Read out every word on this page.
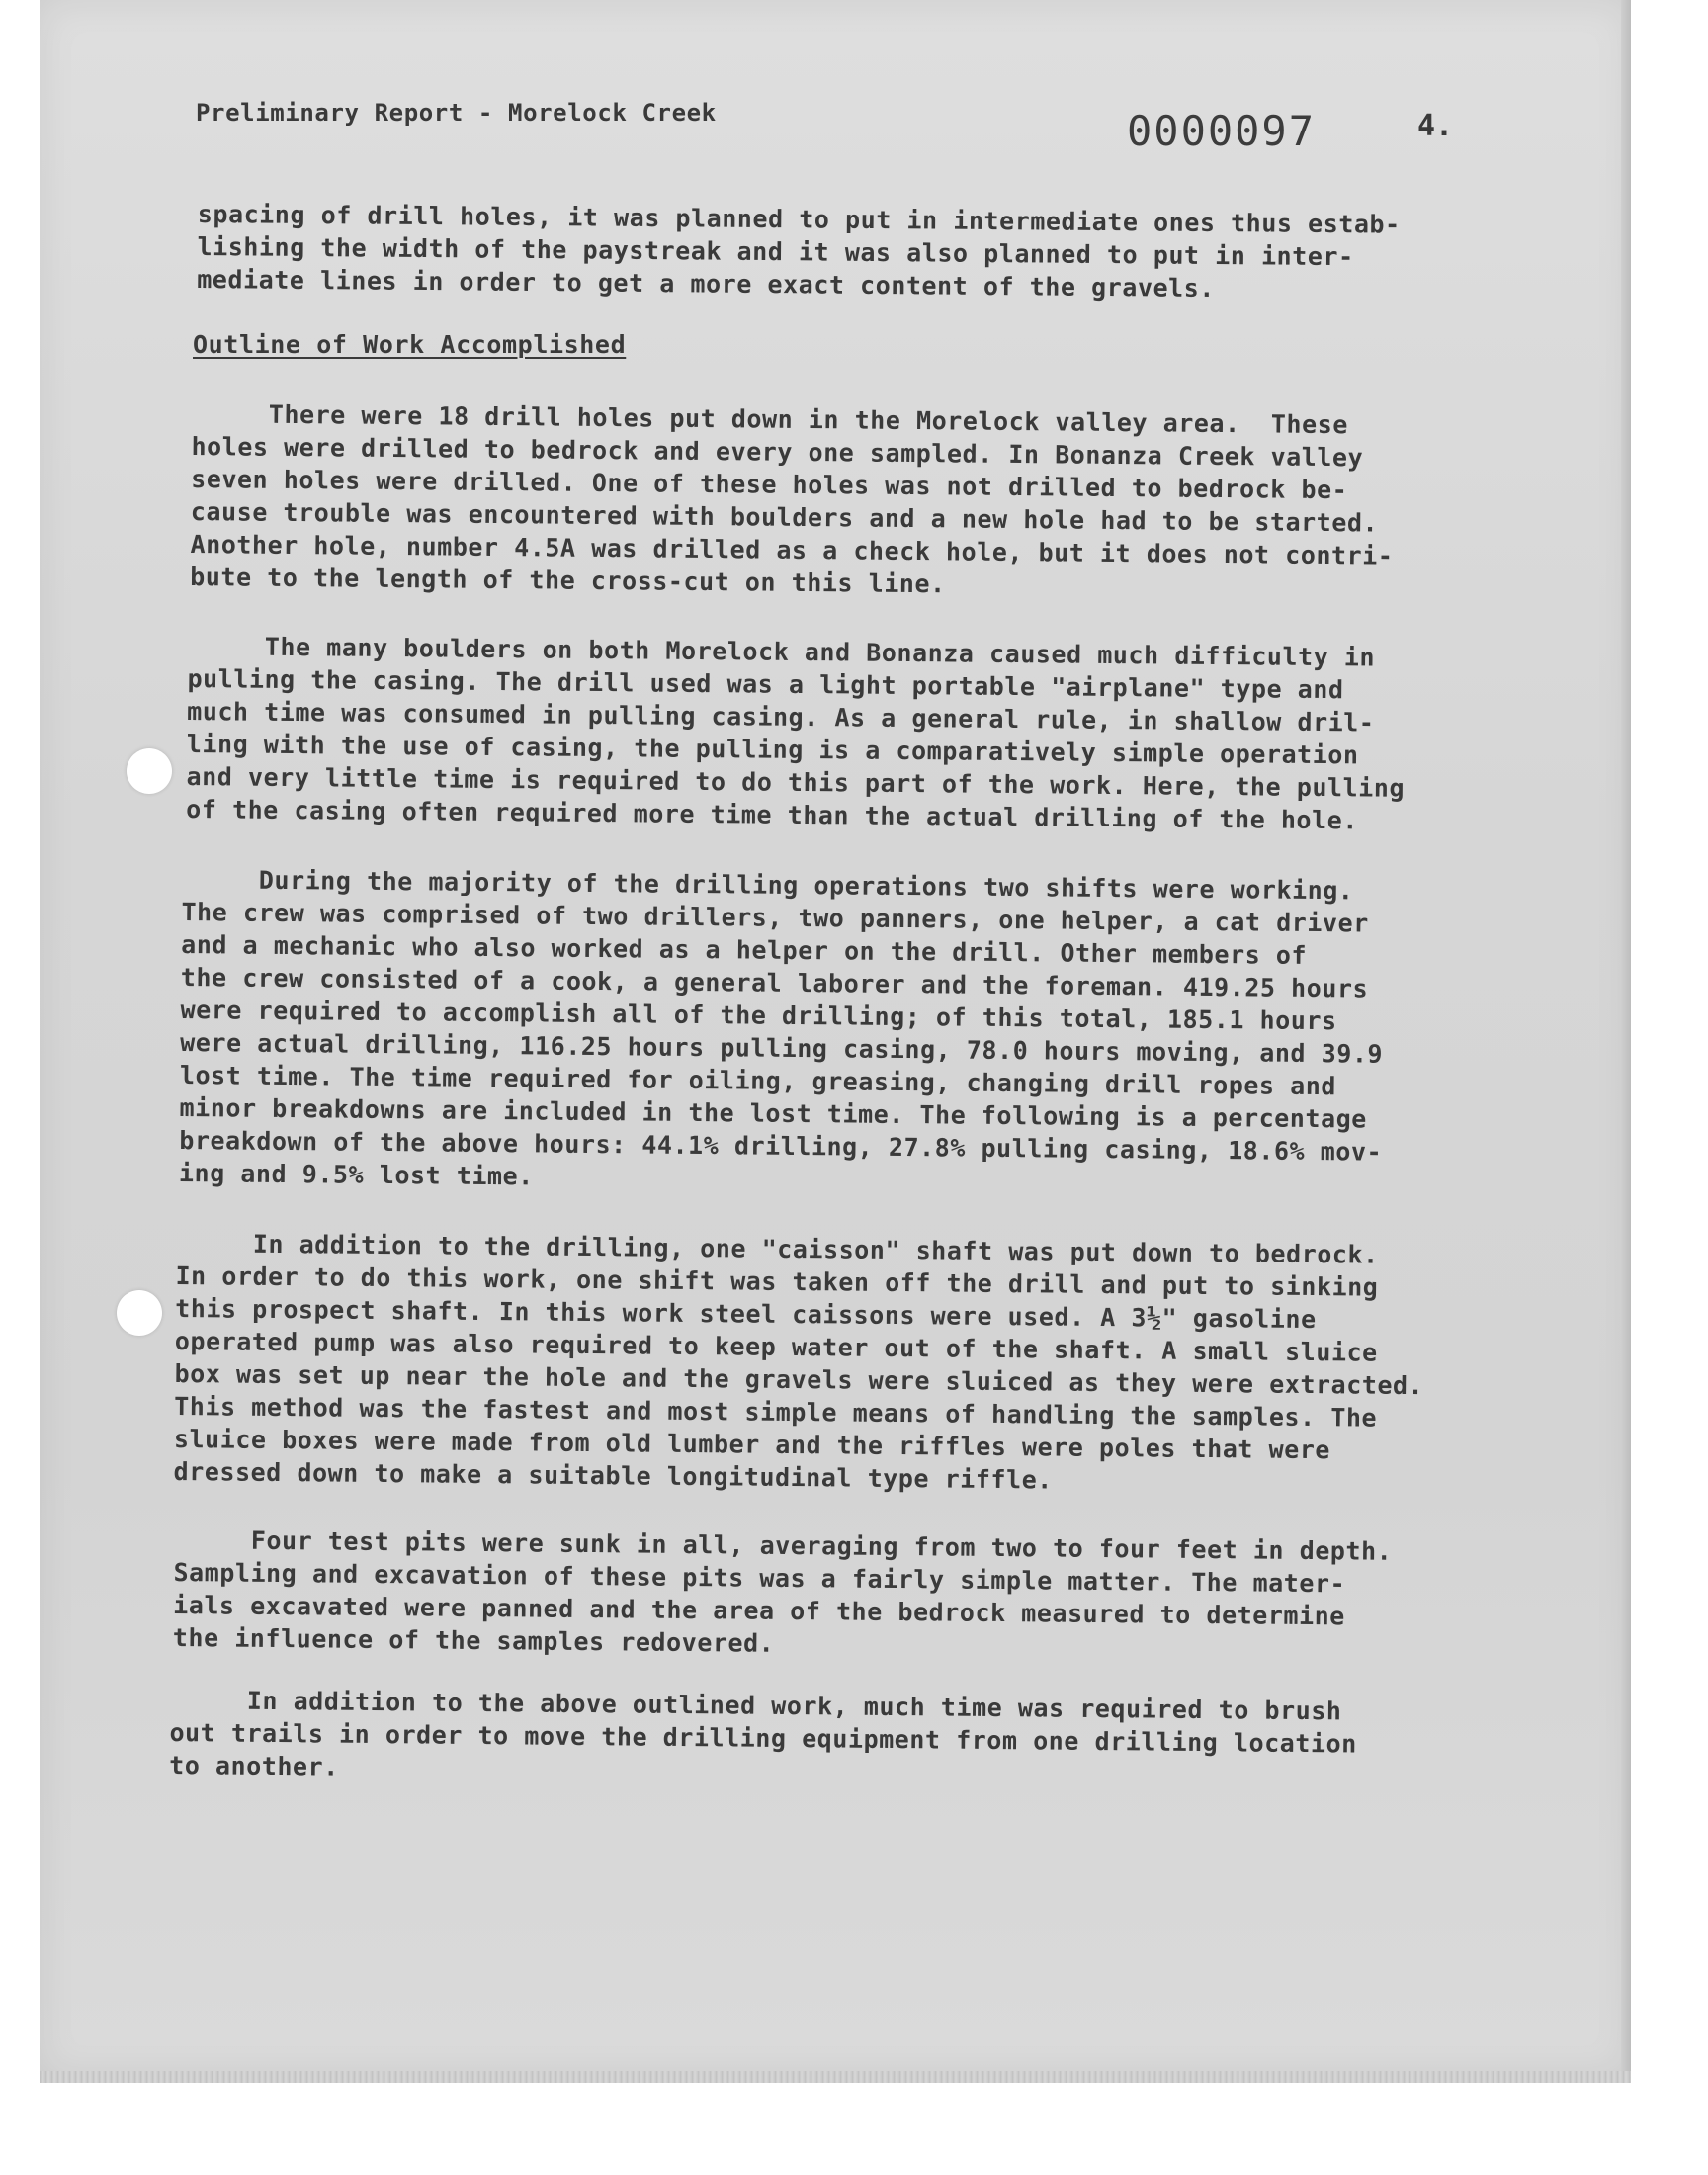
Preliminary Report - Morelock Creek	0000097	4.
spacing of drill holes, it was planned to put in intermediate ones thus estab-
lishing the width of the paystreak and it was also planned to put in inter-
mediate lines in order to get a more exact content of the gravels.

Outline of Work Accomplished

There were 18 drill holes put down in the Morelock valley area.  These
holes were drilled to bedrock and every one sampled. In Bonanza Creek valley
seven holes were drilled. One of these holes was not drilled to bedrock be-
cause trouble was encountered with boulders and a new hole had to be started.
Another hole, number 4.5A was drilled as a check hole, but it does not contri-
bute to the length of the cross-cut on this line.
The many boulders on both Morelock and Bonanza caused much difficulty in
pulling the casing. The drill used was a light portable "airplane" type and
much time was consumed in pulling casing. As a general rule, in shallow dril-
ling with the use of casing, the pulling is a comparatively simple operation
and very little time is required to do this part of the work. Here, the pulling
of the casing often required more time than the actual drilling of the hole.
During the majority of the drilling operations two shifts were working.
The crew was comprised of two drillers, two panners, one helper, a cat driver
and a mechanic who also worked as a helper on the drill. Other members of
the crew consisted of a cook, a general laborer and the foreman. 419.25 hours
were required to accomplish all of the drilling; of this total, 185.1 hours
were actual drilling, 116.25 hours pulling casing, 78.0 hours moving, and 39.9
lost time. The time required for oiling, greasing, changing drill ropes and
minor breakdowns are included in the lost time. The following is a percentage
breakdown of the above hours: 44.1% drilling, 27.8% pulling casing, 18.6% mov-
ing and 9.5% lost time.
In addition to the drilling, one "caisson" shaft was put down to bedrock.
In order to do this work, one shift was taken off the drill and put to sinking
this prospect shaft. In this work steel caissons were used. A 3½" gasoline
operated pump was also required to keep water out of the shaft. A small sluice
box was set up near the hole and the gravels were sluiced as they were extracted.
This method was the fastest and most simple means of handling the samples. The
sluice boxes were made from old lumber and the riffles were poles that were
dressed down to make a suitable longitudinal type riffle.
Four test pits were sunk in all, averaging from two to four feet in depth.
Sampling and excavation of these pits was a fairly simple matter. The mater-
ials excavated were panned and the area of the bedrock measured to determine
the influence of the samples redovered.
In addition to the above outlined work, much time was required to brush
out trails in order to move the drilling equipment from one drilling location
to another.
